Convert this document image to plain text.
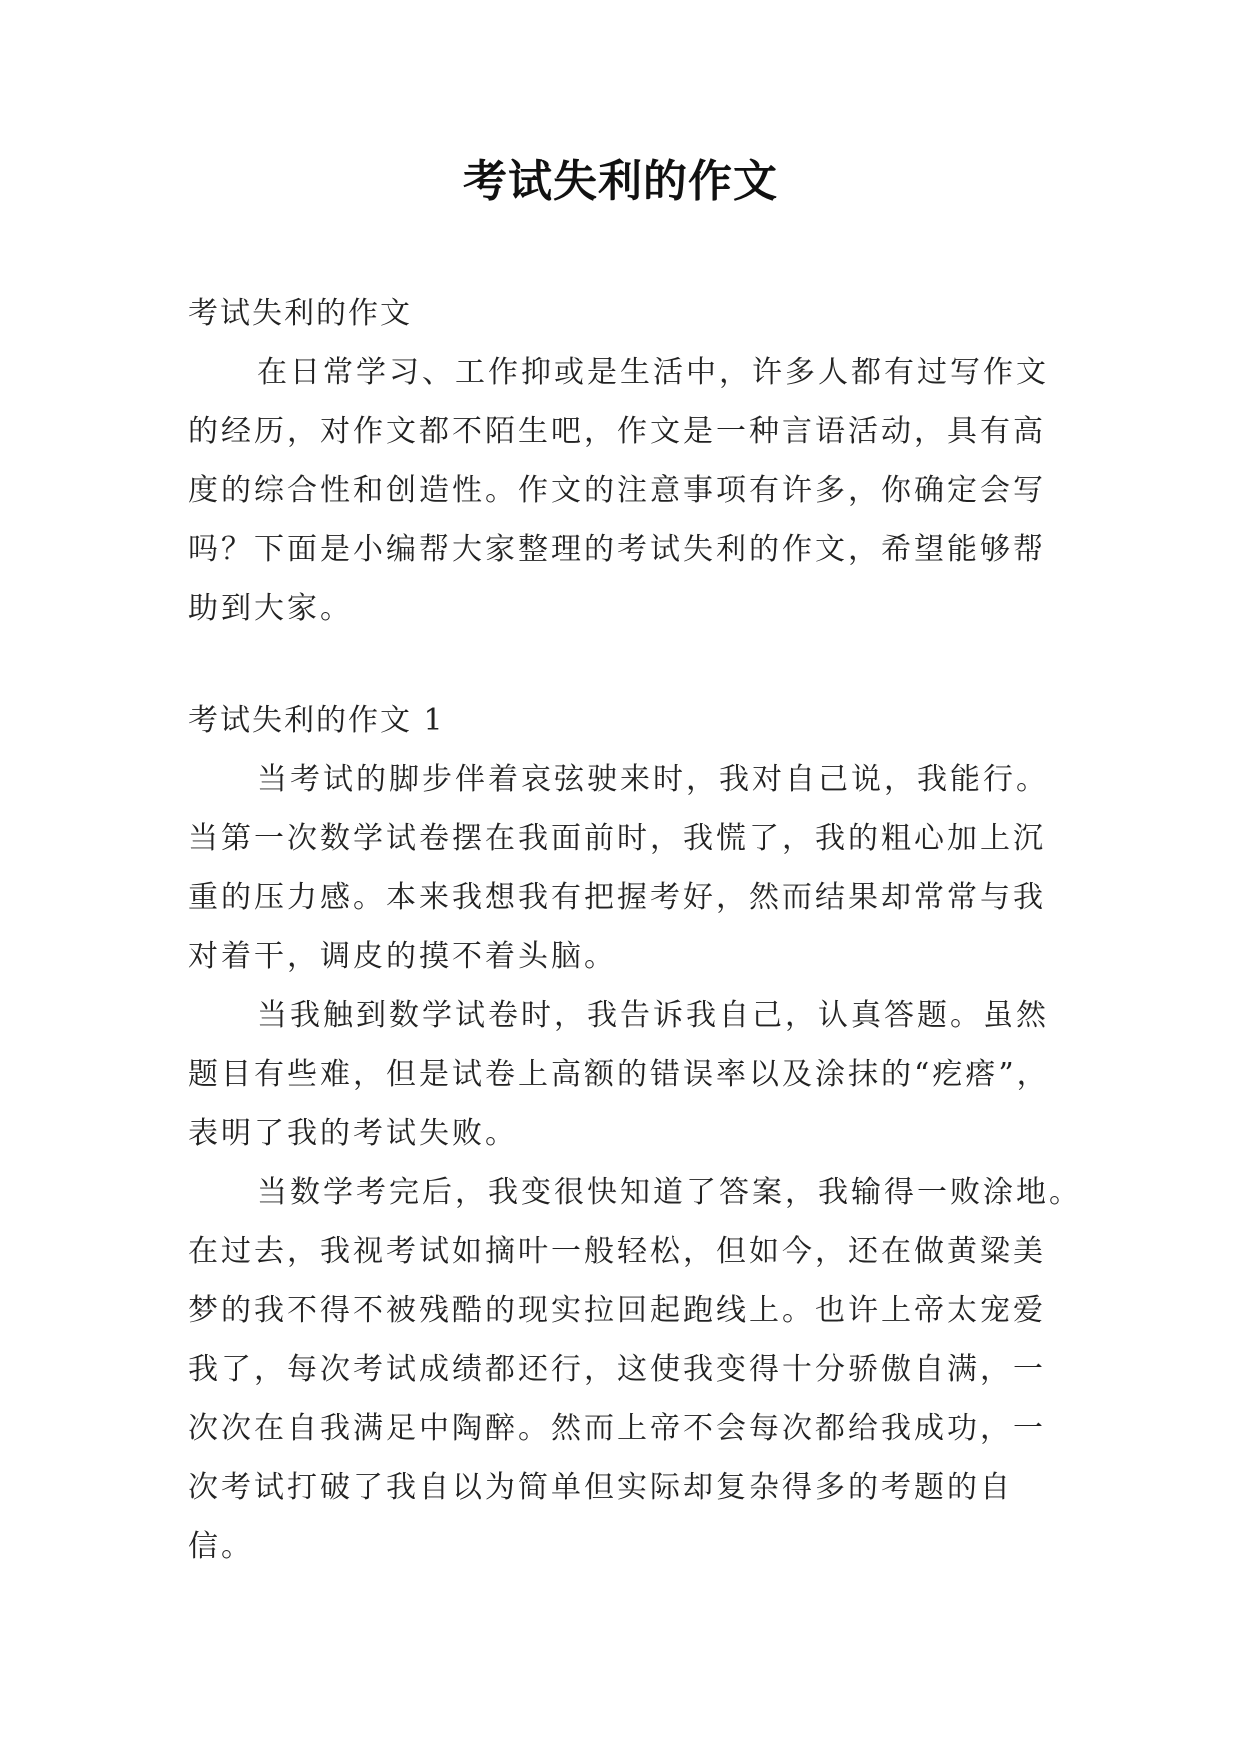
考试失利的作文
考试失利的作文
在日常学习、工作抑或是生活中，许多人都有过写作文
的经历，对作文都不陌生吧，作文是一种言语活动，具有高
度的综合性和创造性。作文的注意事项有许多，你确定会写
吗？下面是小编帮大家整理的考试失利的作文，希望能够帮
助到大家。
考试失利的作文 1
当考试的脚步伴着哀弦驶来时，我对自己说，我能行。
当第一次数学试卷摆在我面前时，我慌了，我的粗心加上沉
重的压力感。本来我想我有把握考好，然而结果却常常与我
对着干，调皮的摸不着头脑。
当我触到数学试卷时，我告诉我自己，认真答题。虽然
题目有些难，但是试卷上高额的错误率以及涂抹的“疙瘩”，
表明了我的考试失败。
当数学考完后，我变很快知道了答案，我输得一败涂地。
在过去，我视考试如摘叶一般轻松，但如今，还在做黄粱美
梦的我不得不被残酷的现实拉回起跑线上。也许上帝太宠爱
我了，每次考试成绩都还行，这使我变得十分骄傲自满，一
次次在自我满足中陶醉。然而上帝不会每次都给我成功，一
次考试打破了我自以为简单但实际却复杂得多的考题的自
信。
